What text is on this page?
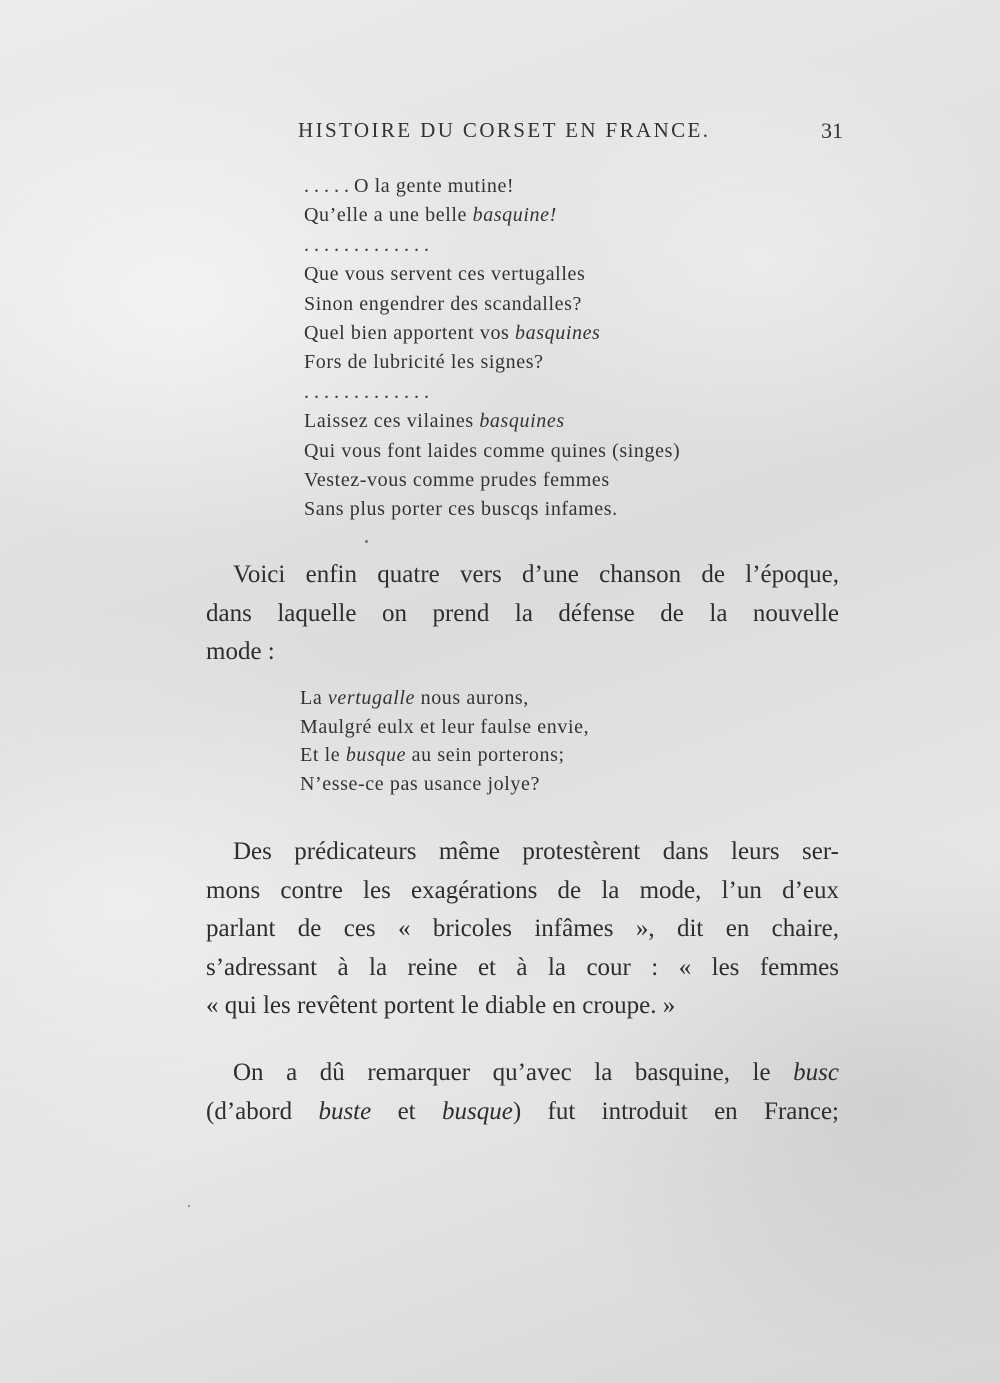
HISTOIRE DU CORSET EN FRANCE.	31
. . . . . O la gente mutine!
Qu’elle a une belle basquine!
. . . . . . . . . . . . .
Que vous servent ces vertugalles
Sinon engendrer des scandalles?
Quel bien apportent vos basquines
Fors de lubricité les signes?
. . . . . . . . . . . . .
Laissez ces vilaines basquines
Qui vous font laides comme quines (singes)
Vestez-vous comme prudes femmes
Sans plus porter ces buscqs infames.
Voici enfin quatre vers d’une chanson de l’époque,
dans laquelle on prend la défense de la nouvelle
mode :
La vertugalle nous aurons,
Maulgré eulx et leur faulse envie,
Et le busque au sein porterons;
N’esse-ce pas usance jolye?
Des prédicateurs même protestèrent dans leurs ser-
mons contre les exagérations de la mode, l’un d’eux
parlant de ces « bricoles infâmes », dit en chaire,
s’adressant à la reine et à la cour : « les femmes
« qui les revêtent portent le diable en croupe. »
On a dû remarquer qu’avec la basquine, le busc
(d’abord buste et busque) fut introduit en France;
